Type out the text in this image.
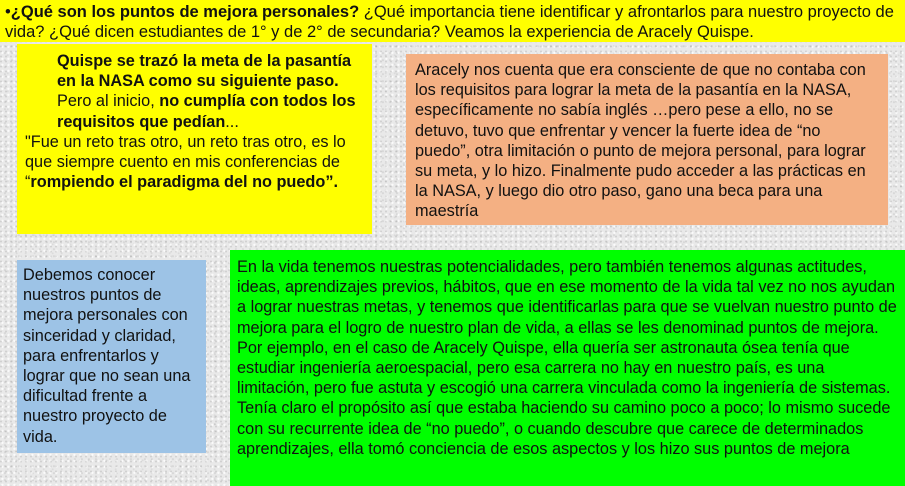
•¿Qué son los puntos de mejora personales? ¿Qué importancia tiene identificar y afrontarlos para nuestro proyecto de vida? ¿Qué dicen estudiantes de 1° y de 2° de secundaria? Veamos la experiencia de Aracely Quispe.
Quispe se trazó la meta de la pasantía en la NASA como su siguiente paso. Pero al inicio, no cumplía con todos los requisitos que pedían...
"Fue un reto tras otro, un reto tras otro, es lo que siempre cuento en mis conferencias de “rompiendo el paradigma del no puedo”.
Aracely nos cuenta que era consciente de que no contaba con los requisitos para lograr la meta de la pasantía en la NASA, específicamente no sabía inglés …pero pese a ello, no se detuvo, tuvo que enfrentar y vencer la fuerte idea de “no puedo”, otra limitación o punto de mejora personal, para lograr su meta, y lo hizo. Finalmente pudo acceder a las prácticas en la NASA, y luego dio otro paso, gano una beca para una maestría
Debemos conocer nuestros puntos de mejora personales con sinceridad y claridad, para enfrentarlos y lograr que no sean una dificultad frente a nuestro proyecto de vida.
En la vida tenemos nuestras potencialidades, pero también tenemos algunas actitudes, ideas, aprendizajes previos, hábitos, que en ese momento de la vida tal vez no nos ayudan a lograr nuestras metas, y tenemos que identificarlas para que se vuelvan nuestro punto de mejora para el logro de nuestro plan de vida, a ellas se les denominad puntos de mejora. Por ejemplo, en el caso de Aracely Quispe, ella quería ser astronauta ósea tenía que estudiar ingeniería aeroespacial, pero esa carrera no hay en nuestro país, es una limitación, pero fue astuta y escogió una carrera vinculada como la ingeniería de sistemas. Tenía claro el propósito así que estaba haciendo su camino poco a poco; lo mismo sucede con su recurrente idea de “no puedo”, o cuando descubre que carece de determinados aprendizajes, ella tomó conciencia de esos aspectos y los hizo sus puntos de mejora
